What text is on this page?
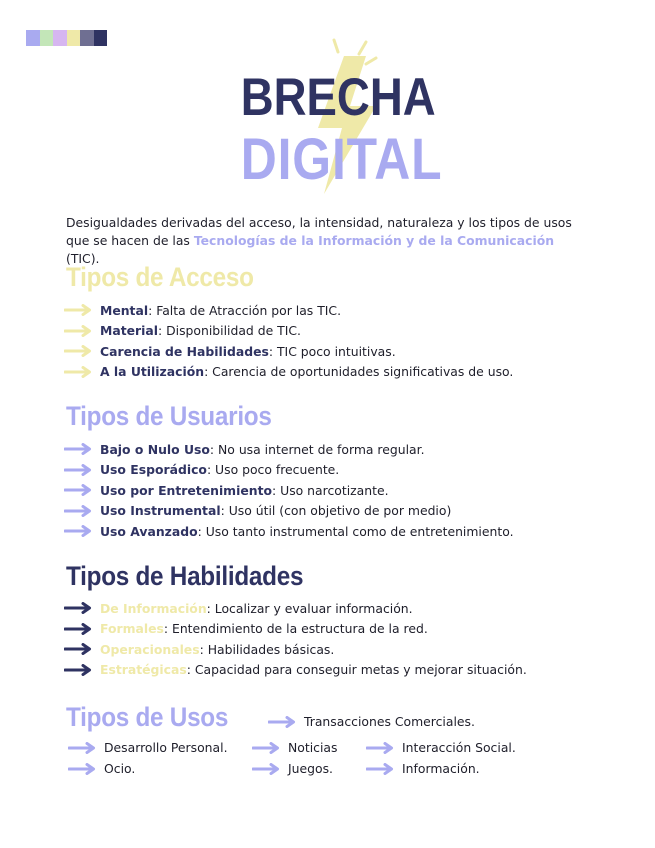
BRECHA
DIGITAL

Desigualdades derivadas del acceso, la intensidad, naturaleza y los tipos de usos que se hacen de las Tecnologías de la Información y de la Comunicación (TIC).

Tipos de Acceso
Mental : Falta de Atracción por las TIC.
Material : Disponibilidad de TIC.
Carencia de Habilidades : TIC poco intuitivas.
A la Utilización : Carencia de oportunidades significativas de uso.
Tipos de Usuarios
Bajo o Nulo Uso : No usa internet de forma regular.
Uso Esporádico : Uso poco frecuente.
Uso por Entretenimiento : Uso narcotizante.
Uso Instrumental : Uso útil (con objetivo de por medio)
Uso Avanzado : Uso tanto instrumental como de entretenimiento.
Tipos de Habilidades
De Información : Localizar y evaluar información.
Formales : Entendimiento de la estructura de la red.
Operacionales : Habilidades básicas.
Estratégicas : Capacidad para conseguir metas y mejorar situación.
Tipos de Usos	Transacciones Comerciales.
Desarrollo Personal.	Noticias	Interacción Social.
Ocio.	Juegos.	Información.
